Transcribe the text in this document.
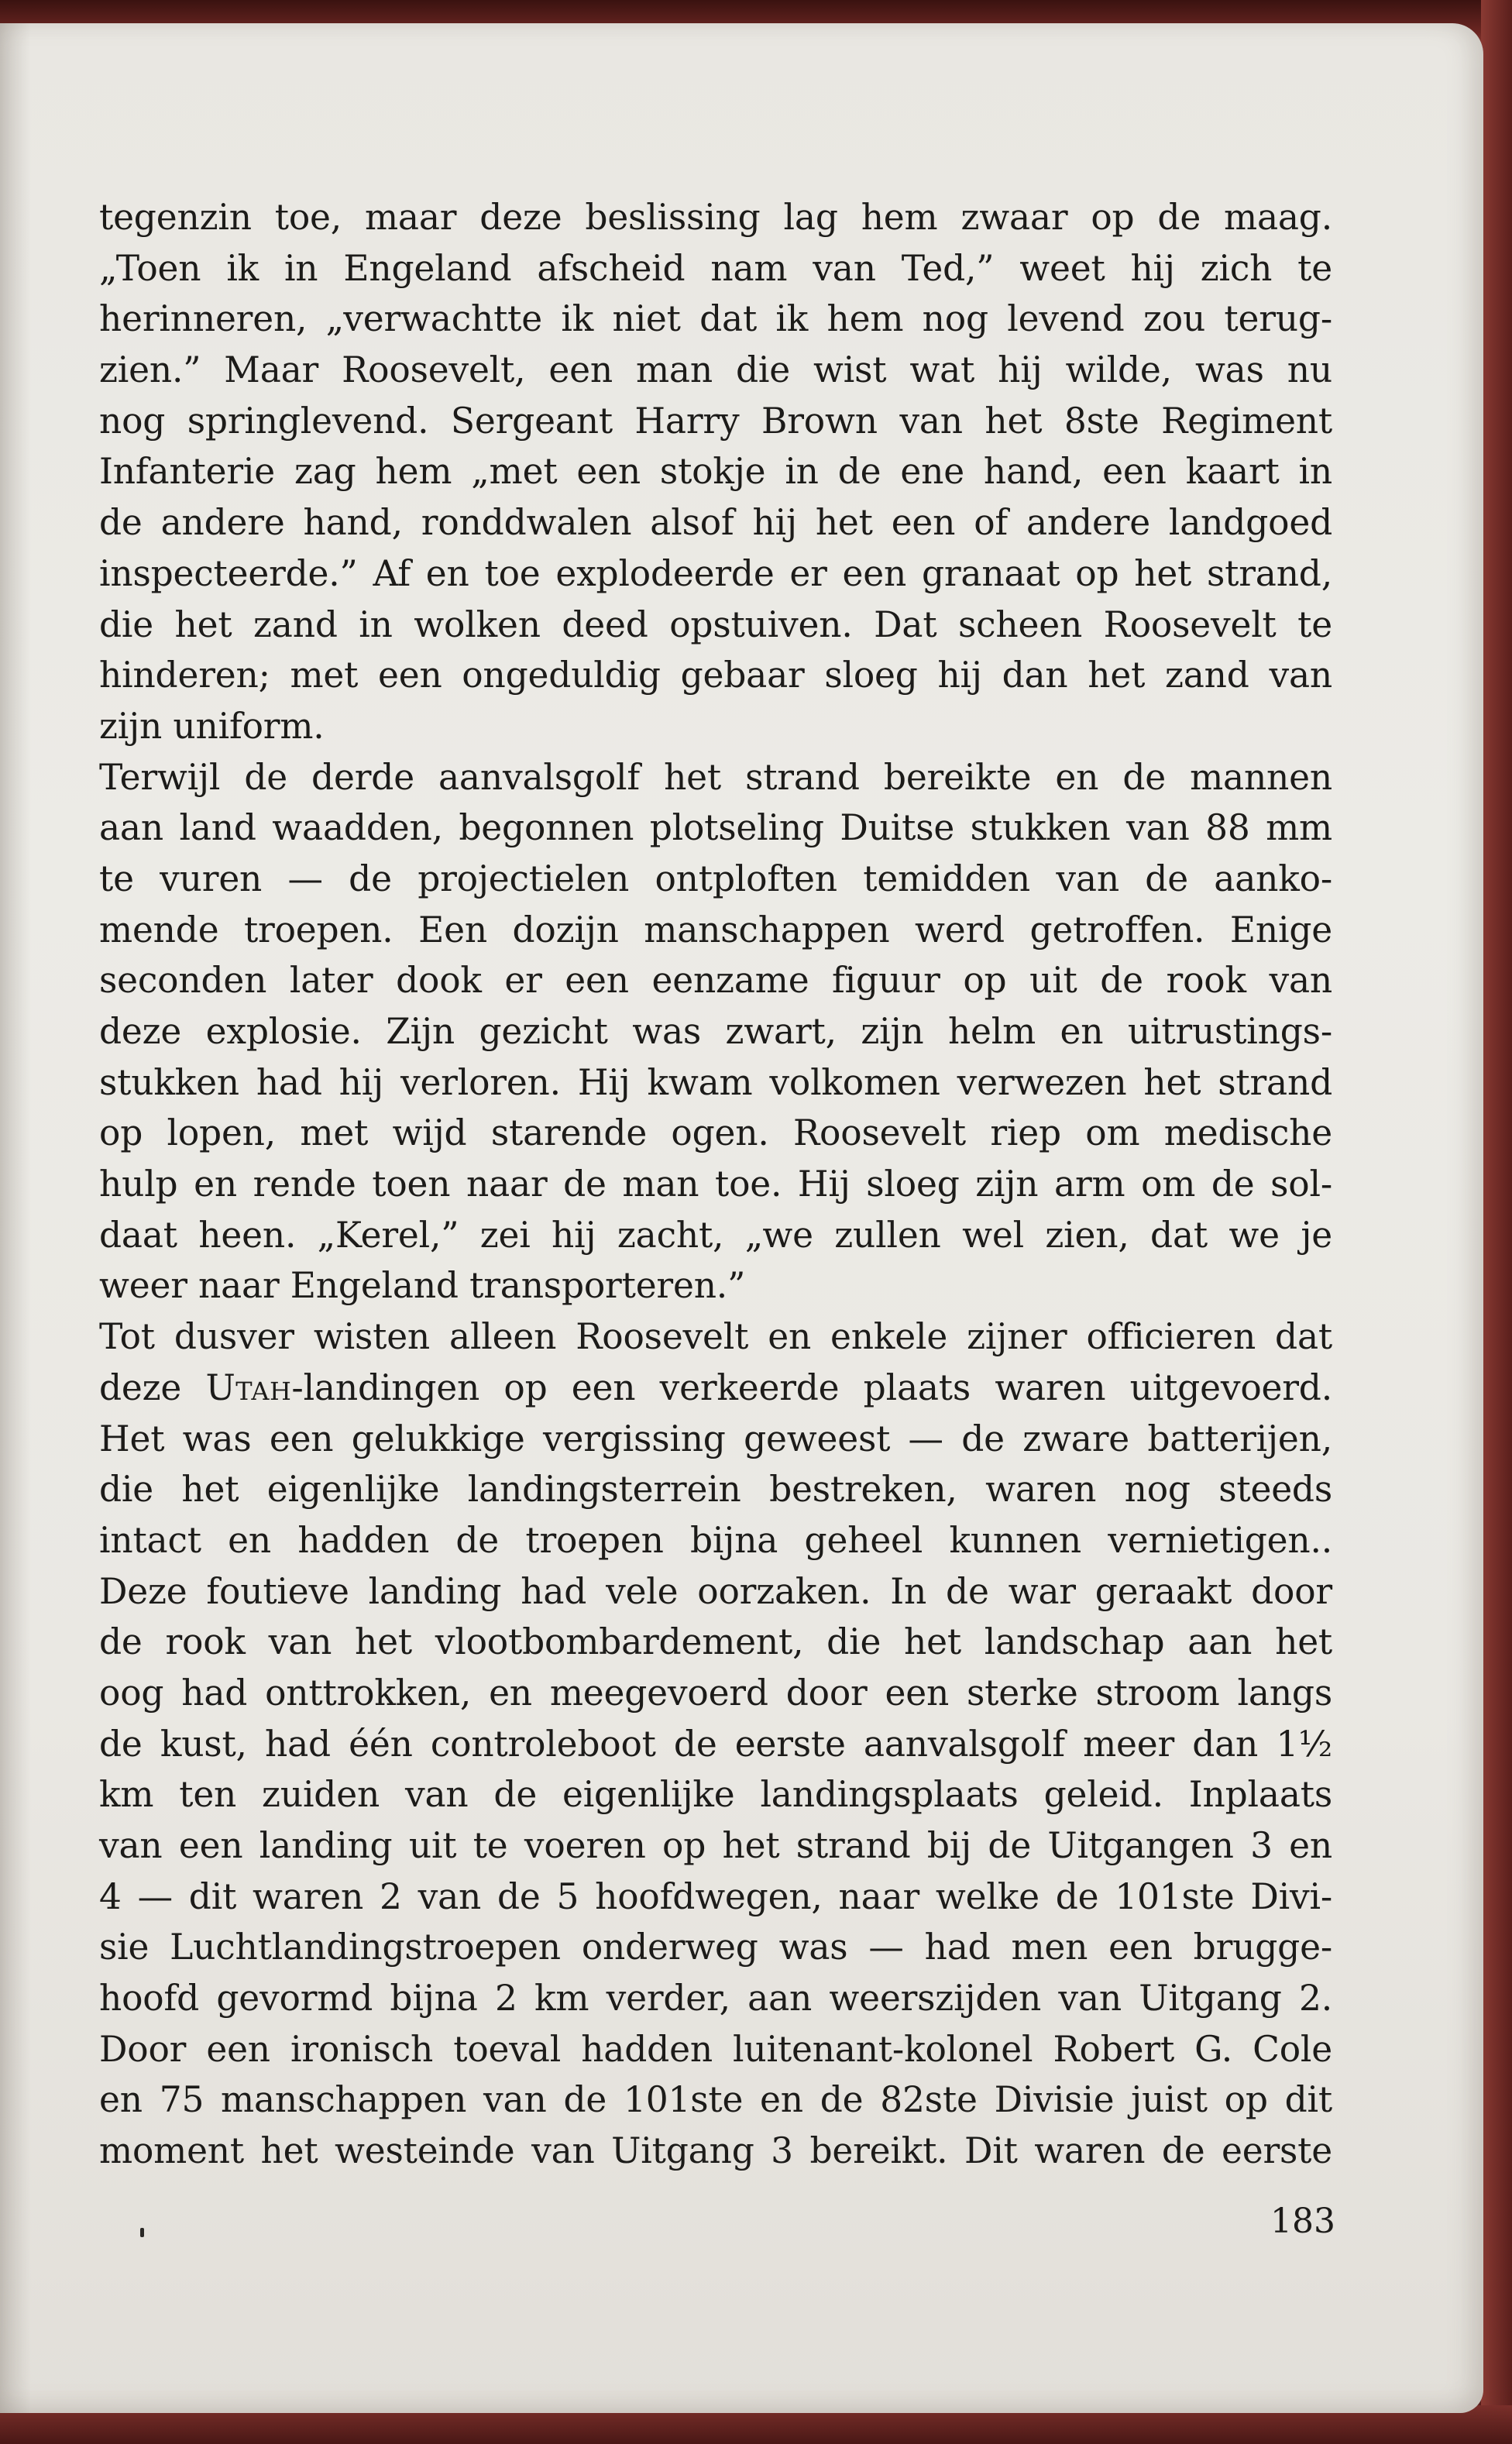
tegenzin toe, maar deze beslissing lag hem zwaar op de maag.
„Toen ik in Engeland afscheid nam van Ted,” weet hij zich te
herinneren, „verwachtte ik niet dat ik hem nog levend zou terug-
zien.” Maar Roosevelt, een man die wist wat hij wilde, was nu
nog springlevend. Sergeant Harry Brown van het 8ste Regiment
Infanterie zag hem „met een stokje in de ene hand, een kaart in
de andere hand, ronddwalen alsof hij het een of andere landgoed
inspecteerde.” Af en toe explodeerde er een granaat op het strand,
die het zand in wolken deed opstuiven. Dat scheen Roosevelt te
hinderen; met een ongeduldig gebaar sloeg hij dan het zand van
zijn uniform.
Terwijl de derde aanvalsgolf het strand bereikte en de mannen
aan land waadden, begonnen plotseling Duitse stukken van 88 mm
te vuren — de projectielen ontploften temidden van de aanko-
mende troepen. Een dozijn manschappen werd getroffen. Enige
seconden later dook er een eenzame figuur op uit de rook van
deze explosie. Zijn gezicht was zwart, zijn helm en uitrustings-
stukken had hij verloren. Hij kwam volkomen verwezen het strand
op lopen, met wijd starende ogen. Roosevelt riep om medische
hulp en rende toen naar de man toe. Hij sloeg zijn arm om de sol-
daat heen. „Kerel,” zei hij zacht, „we zullen wel zien, dat we je
weer naar Engeland transporteren.”
Tot dusver wisten alleen Roosevelt en enkele zijner officieren dat
deze Utah-landingen op een verkeerde plaats waren uitgevoerd.
Het was een gelukkige vergissing geweest — de zware batterijen,
die het eigenlijke landingsterrein bestreken, waren nog steeds
intact en hadden de troepen bijna geheel kunnen vernietigen..
Deze foutieve landing had vele oorzaken. In de war geraakt door
de rook van het vlootbombardement, die het landschap aan het
oog had onttrokken, en meegevoerd door een sterke stroom langs
de kust, had één controleboot de eerste aanvalsgolf meer dan 1½
km ten zuiden van de eigenlijke landingsplaats geleid. Inplaats
van een landing uit te voeren op het strand bij de Uitgangen 3 en
4 — dit waren 2 van de 5 hoofdwegen, naar welke de 101ste Divi-
sie Luchtlandingstroepen onderweg was — had men een brugge-
hoofd gevormd bijna 2 km verder, aan weerszijden van Uitgang 2.
Door een ironisch toeval hadden luitenant-kolonel Robert G. Cole
en 75 manschappen van de 101ste en de 82ste Divisie juist op dit
moment het westeinde van Uitgang 3 bereikt. Dit waren de eerste
183
